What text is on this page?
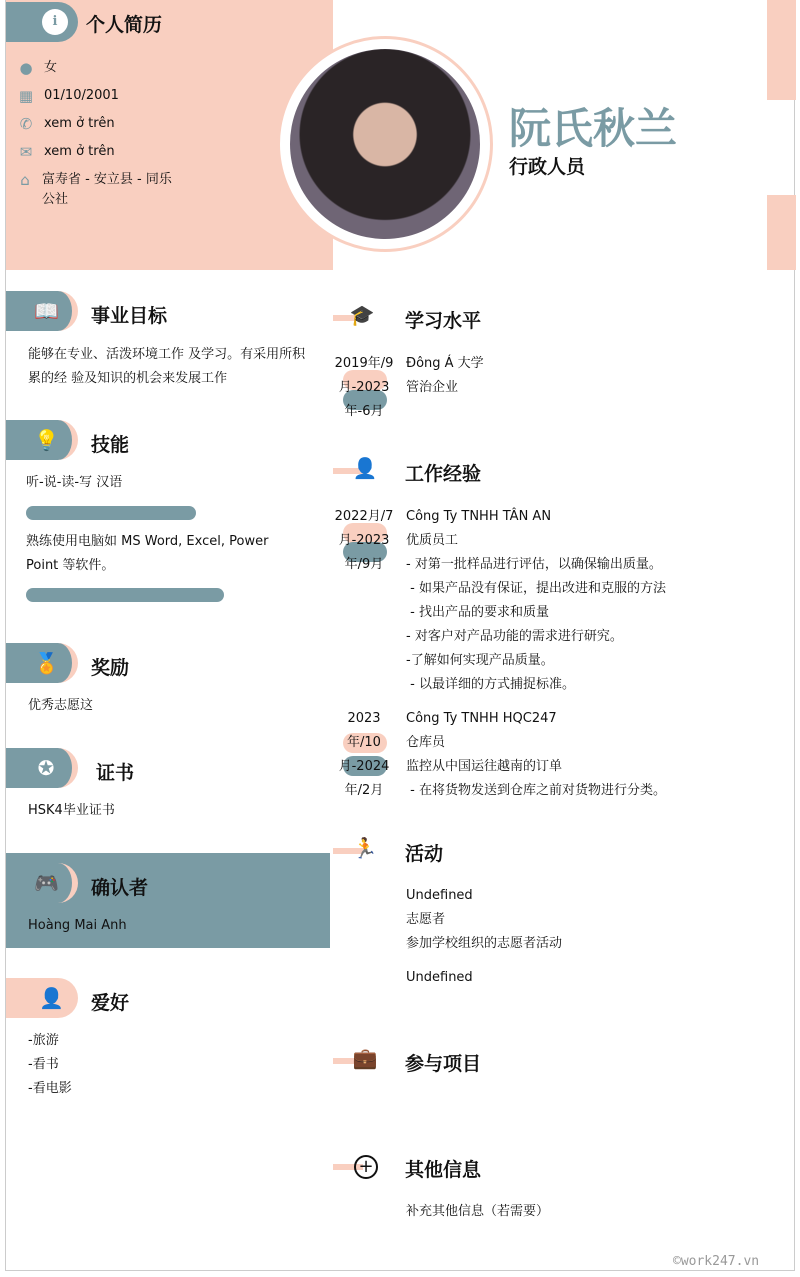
i	个人简历
● 女
▦ 01/10/2001
✆ xem ở trên
✉ xem ở trên
⌂ 富寿省 - 安立县 - 同乐公社
阮氏秋兰
行政人员
📖 事业目标
能够在专业、活泼环境工作 及学习。有采用所积累的经 验及知识的机会来发展工作
💡 技能
听-说-读-写 汉语
熟练使用电脑如 MS Word, Excel, Power Point 等软件。
🏅 奖励
优秀志愿这
✪ 证书
HSK4毕业证书
🎮 确认者
Hoàng Mai Anh
👤 爱好
-旅游
-看书
-看电影
🎓 学习水平
2019年/9
月-2023
年-6月
Đông Á 大学
管治企业
👤 工作经验
2022月/7
月-2023
年/9月
Công Ty TNHH TÂN AN
优质员工
- 对第一批样品进行评估，以确保输出质量。
- 如果产品没有保证，提出改进和克服的方法
- 找出产品的要求和质量
- 对客户对产品功能的需求进行研究。
-了解如何实现产品质量。
- 以最详细的方式捕捉标准。
2023
年/10
月-2024
年/2月
Công Ty TNHH HQC247
仓库员
监控从中国运往越南的订单
- 在将货物发送到仓库之前对货物进行分类。
🏃 活动
Undefined
志愿者
参加学校组织的志愿者活动
Undefined
💼 参与项目
+ 其他信息
补充其他信息（若需要）
©work247.vn
